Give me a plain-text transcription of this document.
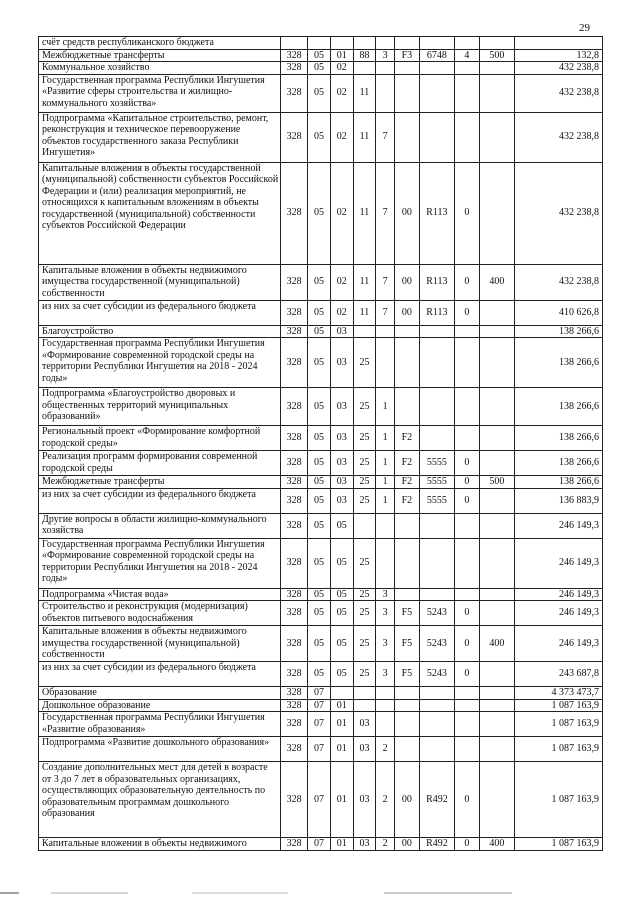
29
счёт средств республиканского бюджета										
Межбюджетные трансферты	328	05	01	88	3	F3	6748	4	500	132,8
Коммунальное хозяйство	328	05	02							432 238,8
Государственная программа Республики Ингушетия «Развитие сферы строительства и жилищно-коммунального хозяйства»	328	05	02	11						432 238,8
Подпрограмма «Капитальное строительство, ремонт, реконструкция и техническое перевооружение объектов государственного заказа Республики Ингушетия»	328	05	02	11	7					432 238,8
Капитальные вложения в объекты государственной (муниципальной) собственности субъектов Российской Федерации и (или) реализация мероприятий, не относящихся к капитальным вложениям в объекты государственной (муниципальной) собственности субъектов Российской Федерации	328	05	02	11	7	00	R113	0		432 238,8
Капитальные вложения в объекты недвижимого имущества государственной (муниципальной) собственности	328	05	02	11	7	00	R113	0	400	432 238,8
из них за счет субсидии из федерального бюджета	328	05	02	11	7	00	R113	0		410 626,8
Благоустройство	328	05	03							138 266,6
Государственная программа Республики Ингушетия «Формирование современной городской среды на территории Республики Ингушетия на 2018 - 2024 годы»	328	05	03	25						138 266,6
Подпрограмма «Благоустройство дворовых и общественных территорий муниципальных образований»	328	05	03	25	1					138 266,6
Региональный проект «Формирование комфортной городской среды»	328	05	03	25	1	F2				138 266,6
Реализация программ формирования современной городской среды	328	05	03	25	1	F2	5555	0		138 266,6
Межбюджетные трансферты	328	05	03	25	1	F2	5555	0	500	138 266,6
из них за счет субсидии из федерального бюджета	328	05	03	25	1	F2	5555	0		136 883,9
Другие вопросы в области жилищно-коммунального хозяйства	328	05	05							246 149,3
Государственная программа Республики Ингушетия «Формирование современной городской среды на территории Республики Ингушетия на 2018 - 2024 годы»	328	05	05	25						246 149,3
Подпрограмма «Чистая вода»	328	05	05	25	3					246 149,3
Строительство и реконструкция (модернизация) объектов питьевого водоснабжения	328	05	05	25	3	F5	5243	0		246 149,3
Капитальные вложения в объекты недвижимого имущества государственной (муниципальной) собственности	328	05	05	25	3	F5	5243	0	400	246 149,3
из них за счет субсидии из федерального бюджета	328	05	05	25	3	F5	5243	0		243 687,8
Образование	328	07								4 373 473,7
Дошкольное образование	328	07	01							1 087 163,9
Государственная программа Республики Ингушетия «Развитие образования»	328	07	01	03						1 087 163,9
Подпрограмма «Развитие дошкольного образования»	328	07	01	03	2					1 087 163,9
Создание дополнительных мест для детей в возрасте от 3 до 7 лет в образовательных организациях, осуществляющих образовательную деятельность по образовательным программам дошкольного образования	328	07	01	03	2	00	R492	0		1 087 163,9
Капитальные вложения в объекты недвижимого	328	07	01	03	2	00	R492	0	400	1 087 163,9
